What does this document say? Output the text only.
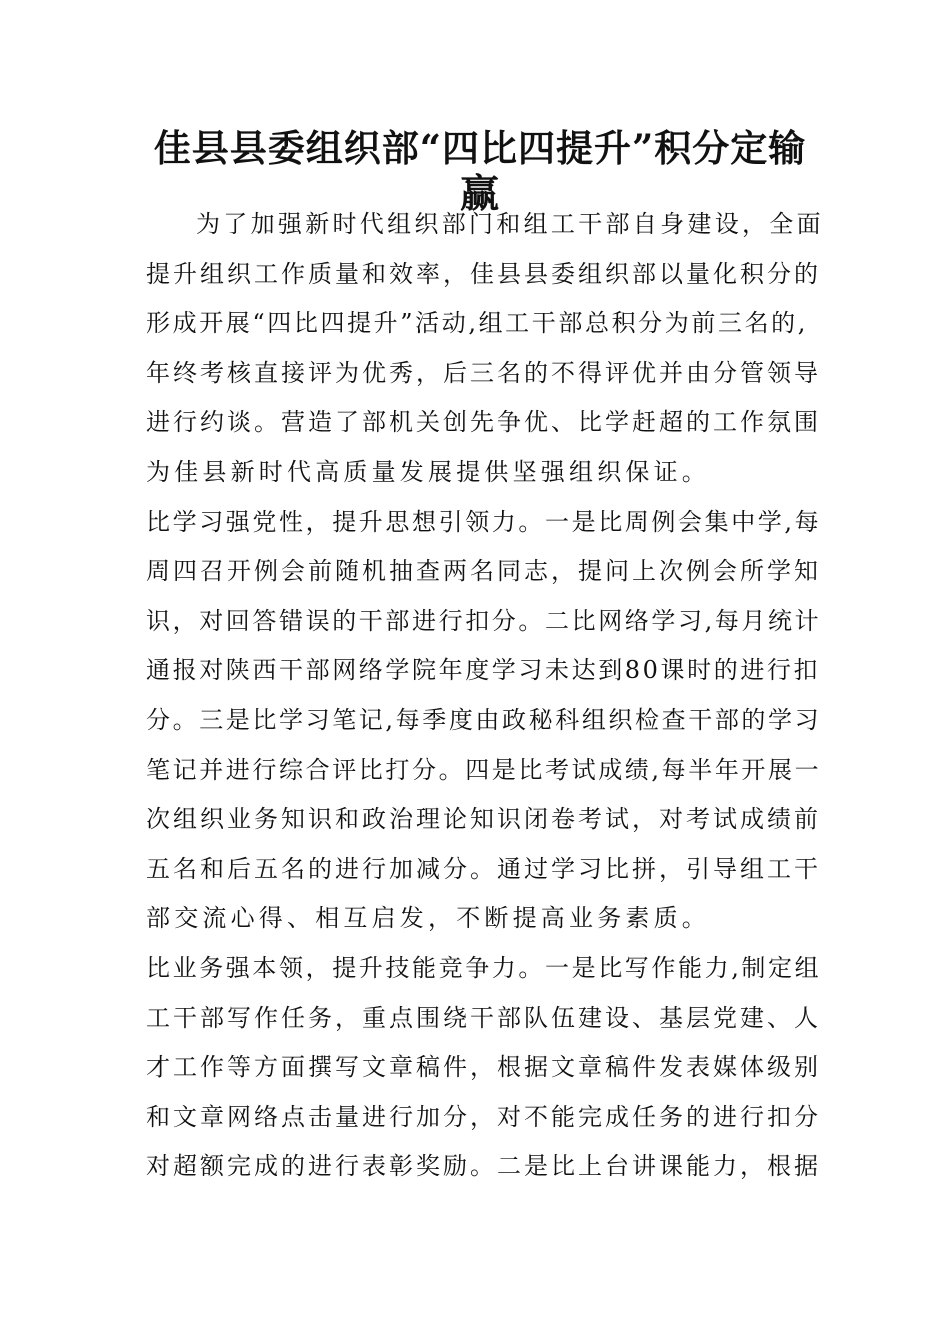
佳县县委组织部“四比四提升”积分定输
赢
为了加强新时代组织部门和组工干部自身建设，全面
提升组织工作质量和效率，佳县县委组织部以量化积分的
形成开展“四比四提升”活动,组工干部总积分为前三名的,
年终考核直接评为优秀，后三名的不得评优并由分管领导
进行约谈。营造了部机关创先争优、比学赶超的工作氛围
为佳县新时代高质量发展提供坚强组织保证。
比学习强党性，提升思想引领力。一是比周例会集中学,每
周四召开例会前随机抽查两名同志，提问上次例会所学知
识，对回答错误的干部进行扣分。二比网络学习,每月统计
通报对陕西干部网络学院年度学习未达到80课时的进行扣
分。三是比学习笔记,每季度由政秘科组织检查干部的学习
笔记并进行综合评比打分。四是比考试成绩,每半年开展一
次组织业务知识和政治理论知识闭卷考试，对考试成绩前
五名和后五名的进行加减分。通过学习比拼，引导组工干
部交流心得、相互启发，不断提高业务素质。
比业务强本领，提升技能竞争力。一是比写作能力,制定组
工干部写作任务，重点围绕干部队伍建设、基层党建、人
才工作等方面撰写文章稿件，根据文章稿件发表媒体级别
和文章网络点击量进行加分，对不能完成任务的进行扣分
对超额完成的进行表彰奖励。二是比上台讲课能力，根据
